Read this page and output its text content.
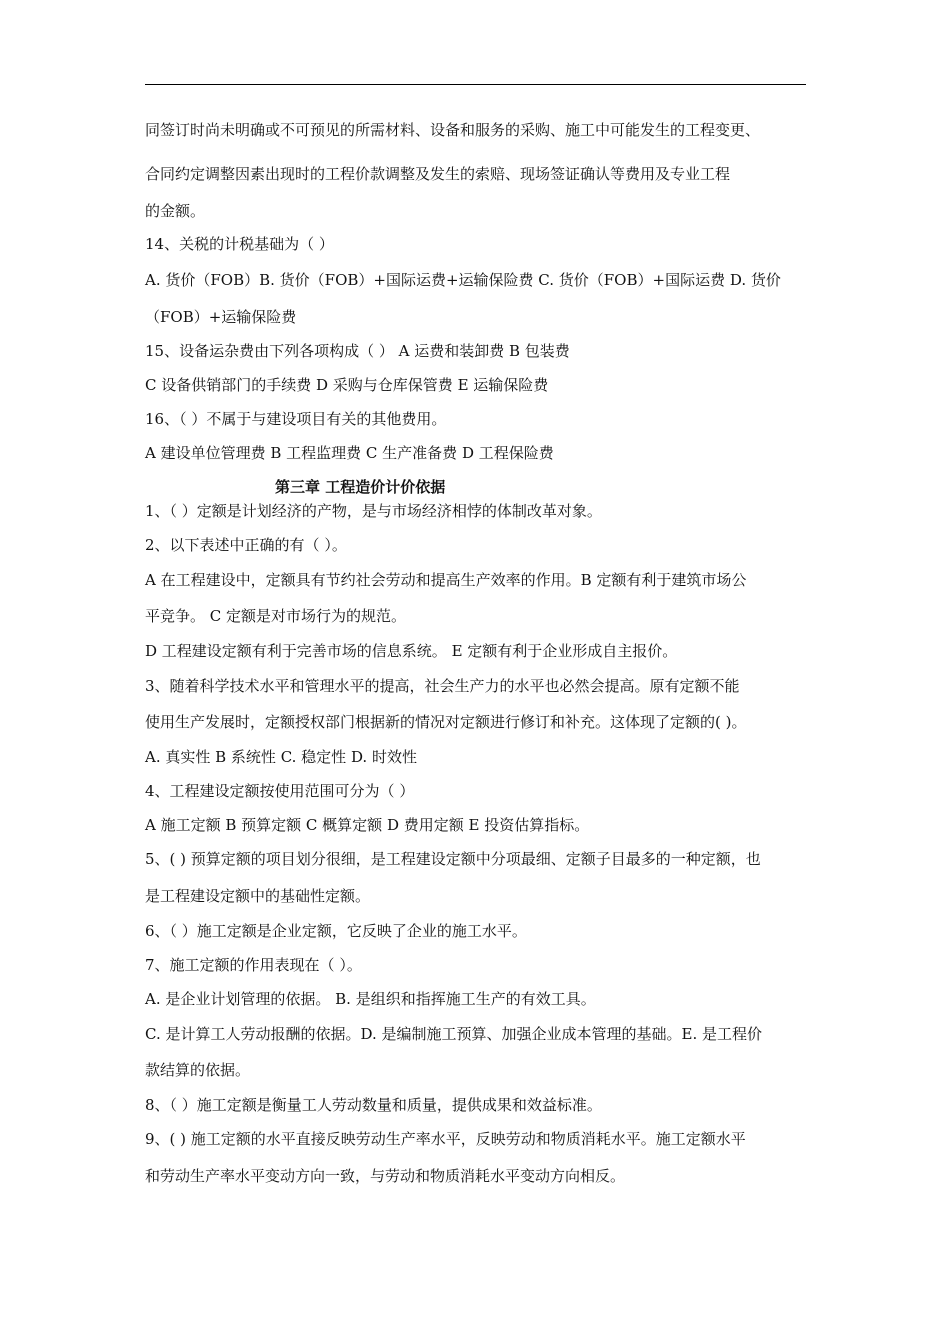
同签订时尚未明确或不可预见的所需材料、设备和服务的采购、施工中可能发生的工程变更、
合同约定调整因素出现时的工程价款调整及发生的索赔、现场签证确认等费用及专业工程
的金额。
14、关税的计税基础为（ ）
A. 货价（FOB）B. 货价（FOB）+国际运费+运输保险费 C. 货价（FOB）+国际运费 D. 货价
（FOB）+运输保险费
15、设备运杂费由下列各项构成（ ） A 运费和装卸费 B 包装费
C 设备供销部门的手续费 D 采购与仓库保管费 E 运输保险费
16、（ ）不属于与建设项目有关的其他费用。
A 建设单位管理费 B 工程监理费 C 生产准备费 D 工程保险费
第三章 工程造价计价依据
1、（ ）定额是计划经济的产物，是与市场经济相悖的体制改革对象。
2、以下表述中正确的有（ ）。
A 在工程建设中，定额具有节约社会劳动和提高生产效率的作用。B 定额有利于建筑市场公
平竞争。 C 定额是对市场行为的规范。
D 工程建设定额有利于完善市场的信息系统。 E 定额有利于企业形成自主报价。
3、随着科学技术水平和管理水平的提高，社会生产力的水平也必然会提高。原有定额不能
使用生产发展时，定额授权部门根据新的情况对定额进行修订和补充。这体现了定额的( )。
A. 真实性 B 系统性 C. 稳定性 D. 时效性
4、工程建设定额按使用范围可分为（ ）
A 施工定额 B 预算定额 C 概算定额 D 费用定额 E 投资估算指标。
5、( ) 预算定额的项目划分很细，是工程建设定额中分项最细、定额子目最多的一种定额，也
是工程建设定额中的基础性定额。
6、（ ）施工定额是企业定额，它反映了企业的施工水平。
7、施工定额的作用表现在（ ）。
A. 是企业计划管理的依据。 B. 是组织和指挥施工生产的有效工具。
C. 是计算工人劳动报酬的依据。D. 是编制施工预算、加强企业成本管理的基础。E. 是工程价
款结算的依据。
8、（ ）施工定额是衡量工人劳动数量和质量，提供成果和效益标准。
9、( ) 施工定额的水平直接反映劳动生产率水平，反映劳动和物质消耗水平。施工定额水平
和劳动生产率水平变动方向一致，与劳动和物质消耗水平变动方向相反。
